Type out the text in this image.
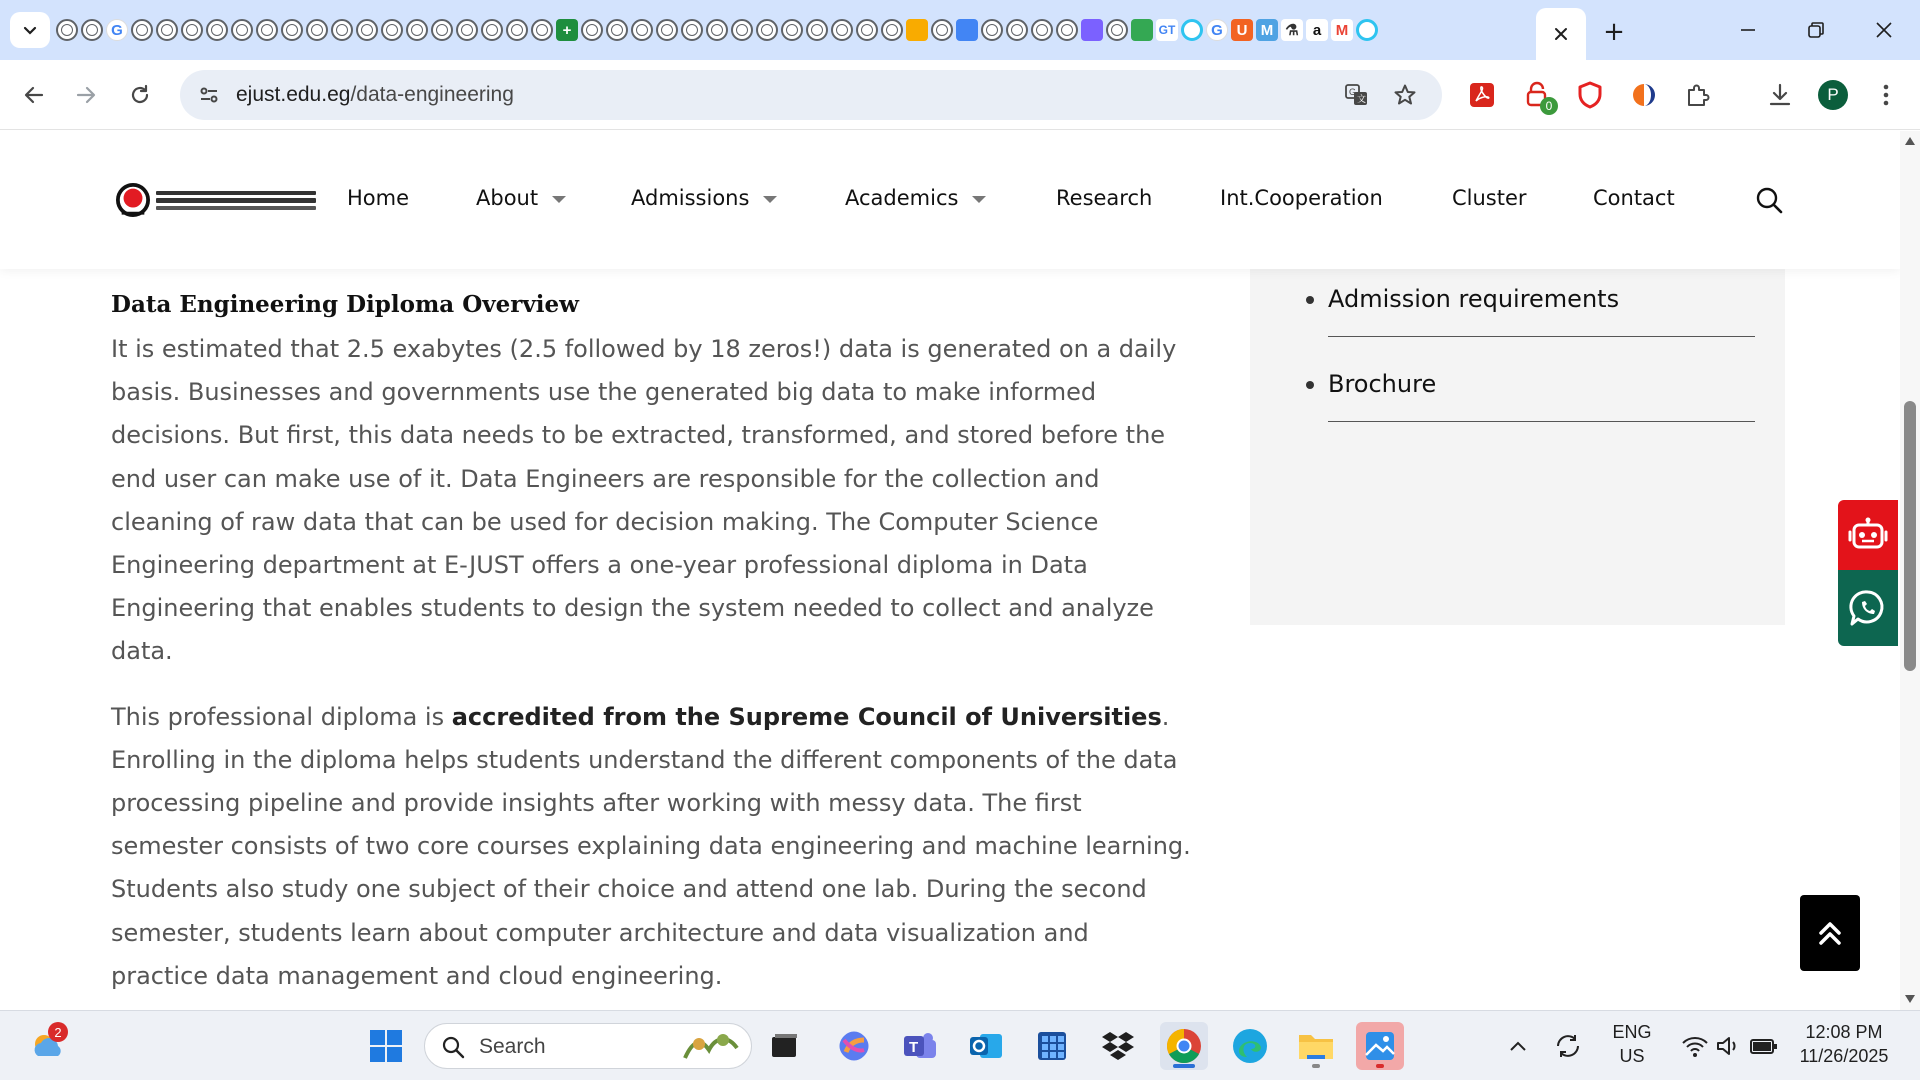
G	+	GT	G U M ⚗ a M	+
ejust.edu.eg/data-engineering	G
文	0
P
Home	About	Admissions	Academics	Research	Int.Cooperation	Cluster	Contact
Data Engineering Diploma Overview

It is estimated that 2.5 exabytes (2.5 followed by 18 zeros!) data is generated on a daily basis. Businesses and governments use the generated big data to make informed decisions. But first, this data needs to be extracted, transformed, and stored before the end user can make use of it. Data Engineers are responsible for the collection and cleaning of raw data that can be used for decision making. The Computer Science Engineering department at E-JUST offers a one-year professional diploma in Data Engineering that enables students to design the system needed to collect and analyze data.

This professional diploma is accredited from the Supreme Council of Universities. Enrolling in the diploma helps students understand the different components of the data processing pipeline and provide insights after working with messy data. The first semester consists of two core courses explaining data engineering and machine learning. Students also study one subject of their choice and attend one lab. During the second semester, students learn about computer architecture and data visualization and practice data management and cloud engineering.

Admission requirements
Brochure
2
Search	T
ENG
US
12:08 PM
11/26/2025
